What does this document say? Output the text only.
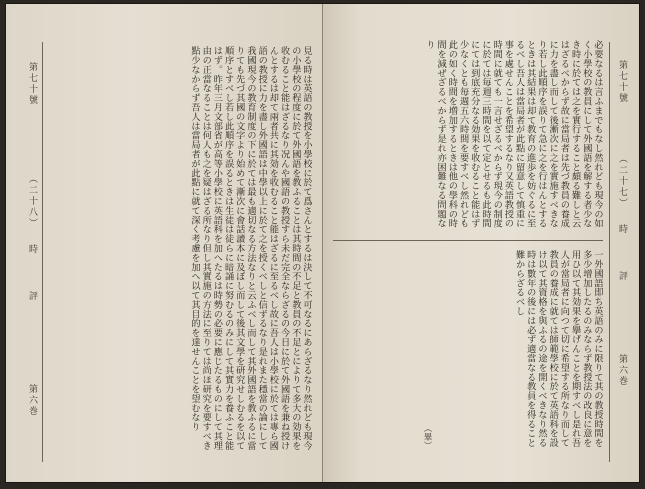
第七十號
（二十八）
時 評
第六巻	見る時は英語の教授を小學校に於て爲さんとするは決して不可なるにあらざるなり然れども現今の小學校の程度に於て外國語を教ふることは其時間の不足と教員の不足とによりて多大の効果を收むること能はざるなり况んや國語の教授すら未だ完全ならざるの今日に於て外國語を兼ね授けんとするは却て兩者共に其効を收むること能はざるに至るべし故に吾人は小學校に於ては專ら國語の教授に力を盡し外國語は中學以上に於て之を授くべしと信ずるなり是れまた穩當の論にして我國現今の教育制度の下に於ては最も適切なる方法なりと云ふべし而して其外國語を教ふるに當りても先づ其國の文字より始めて漸次に會話讀本に及ぼし而して後其文學を研究せしむるを以て順序とすべし若し此順序を誤るときは生徒は徒らに暗誦に努むるのみにして其實力を養ふこと能はず。昨年三月文部省が高等小學校に英語科を加へたるは時勢の必要に應じたるものにして其理由の正當なることは何人も之を疑はざる所なり但し其實施の方法に至りては尚ほ研究を要すべき點少なからず吾人は當局者が此點に就て深く考慮を加へ以て其目的を達せんことを望むなり	必要なるは言ふまでもなし然れども現今の如く小學校の教員にして外國語を解する者少なき時に於ては之を實行すること頗る難しと云はざるべからず故に當局者は先づ教員の養成に力を盡し而して後漸次に之を實施すべきなり若し此順序を誤りて急に之を行はんとするときは其結果は却て教育の進歩を妨ぐるに至るべし吾人は當局者が此點に留意して慎重に事を處せんことを希望するなり又英語教授の時間に就ても一言せざるべからず現今の制度に於ては毎週三時間を以て定とせるも此時間にては到底充分なる効果を收むること能はず少なくとも毎週五六時間を要すべし然れども此の如く時間を増加するときは他の學科の時間を減ぜざるべからず是れ亦困難なる問題なり
一外國語即ち英語のみに限りて其の教授時間を多少增加したるのみならず教授法の改良に意を用ひ以て其効果を擧げんことを期すべし是れ吾人が當局者に向つて切に希望する所なり而して教員の養成に就ては師範學校に於て英語科を設け以て其資格を與ふるの途を開くべきなり然る時は數年の後には必ず適當なる教員を得ること難からざるべし
（畢）
第七十號
（二十七）
時 評
第六巻
